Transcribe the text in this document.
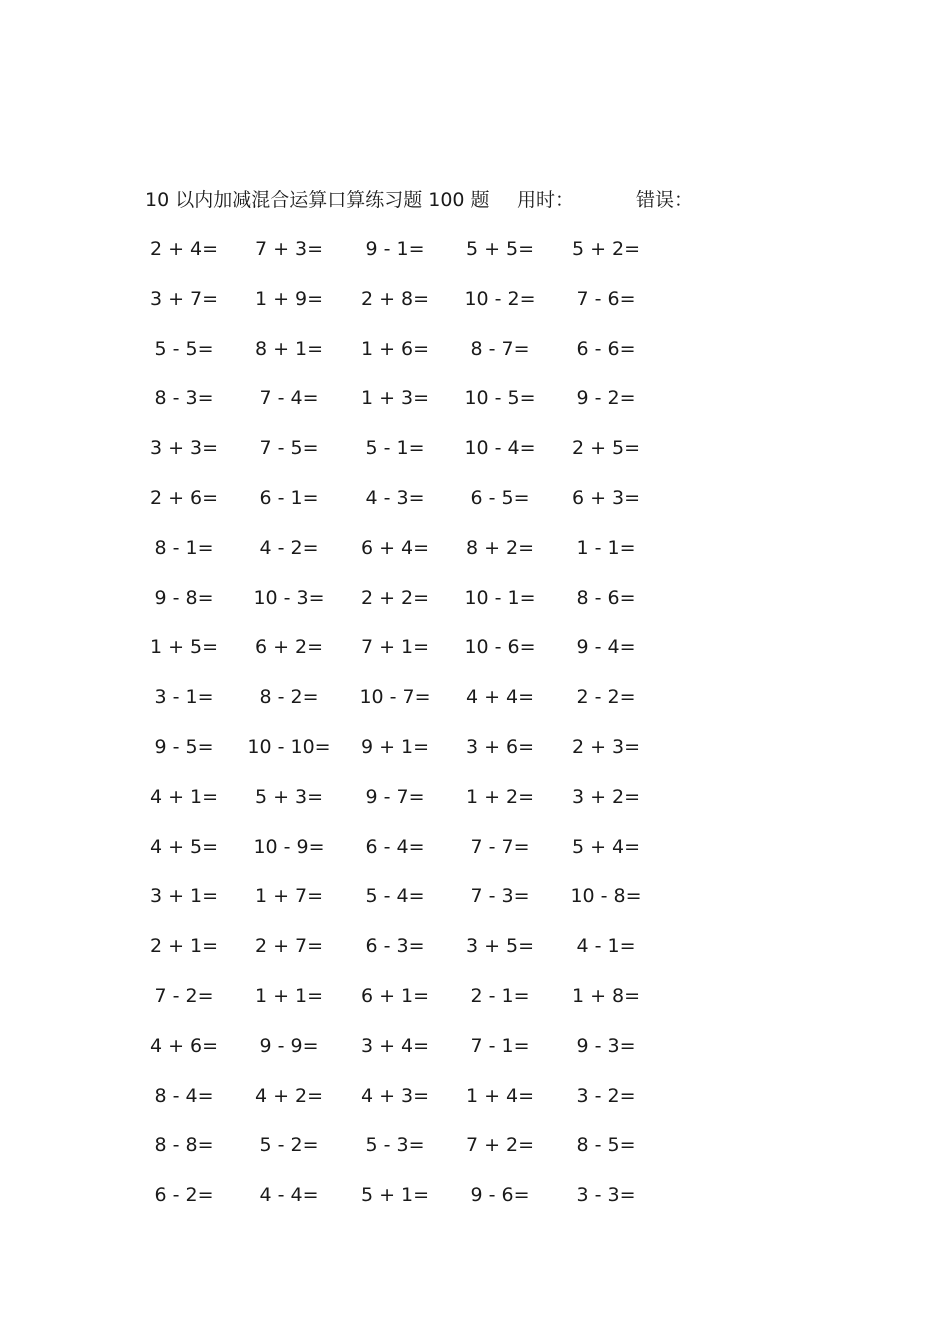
10 以内加减混合运算口算练习题 100 题 用时：	错误：
2 + 4=	7 + 3=	9 - 1=	5 + 5=	5 + 2=
3 + 7=	1 + 9=	2 + 8=	10 - 2=	7 - 6=
5 - 5=	8 + 1=	1 + 6=	8 - 7=	6 - 6=
8 - 3=	7 - 4=	1 + 3=	10 - 5=	9 - 2=
3 + 3=	7 - 5=	5 - 1=	10 - 4=	2 + 5=
2 + 6=	6 - 1=	4 - 3=	6 - 5=	6 + 3=
8 - 1=	4 - 2=	6 + 4=	8 + 2=	1 - 1=
9 - 8=	10 - 3=	2 + 2=	10 - 1=	8 - 6=
1 + 5=	6 + 2=	7 + 1=	10 - 6=	9 - 4=
3 - 1=	8 - 2=	10 - 7=	4 + 4=	2 - 2=
9 - 5=	10 - 10=	9 + 1=	3 + 6=	2 + 3=
4 + 1=	5 + 3=	9 - 7=	1 + 2=	3 + 2=
4 + 5=	10 - 9=	6 - 4=	7 - 7=	5 + 4=
3 + 1=	1 + 7=	5 - 4=	7 - 3=	10 - 8=
2 + 1=	2 + 7=	6 - 3=	3 + 5=	4 - 1=
7 - 2=	1 + 1=	6 + 1=	2 - 1=	1 + 8=
4 + 6=	9 - 9=	3 + 4=	7 - 1=	9 - 3=
8 - 4=	4 + 2=	4 + 3=	1 + 4=	3 - 2=
8 - 8=	5 - 2=	5 - 3=	7 + 2=	8 - 5=
6 - 2=	4 - 4=	5 + 1=	9 - 6=	3 - 3=
